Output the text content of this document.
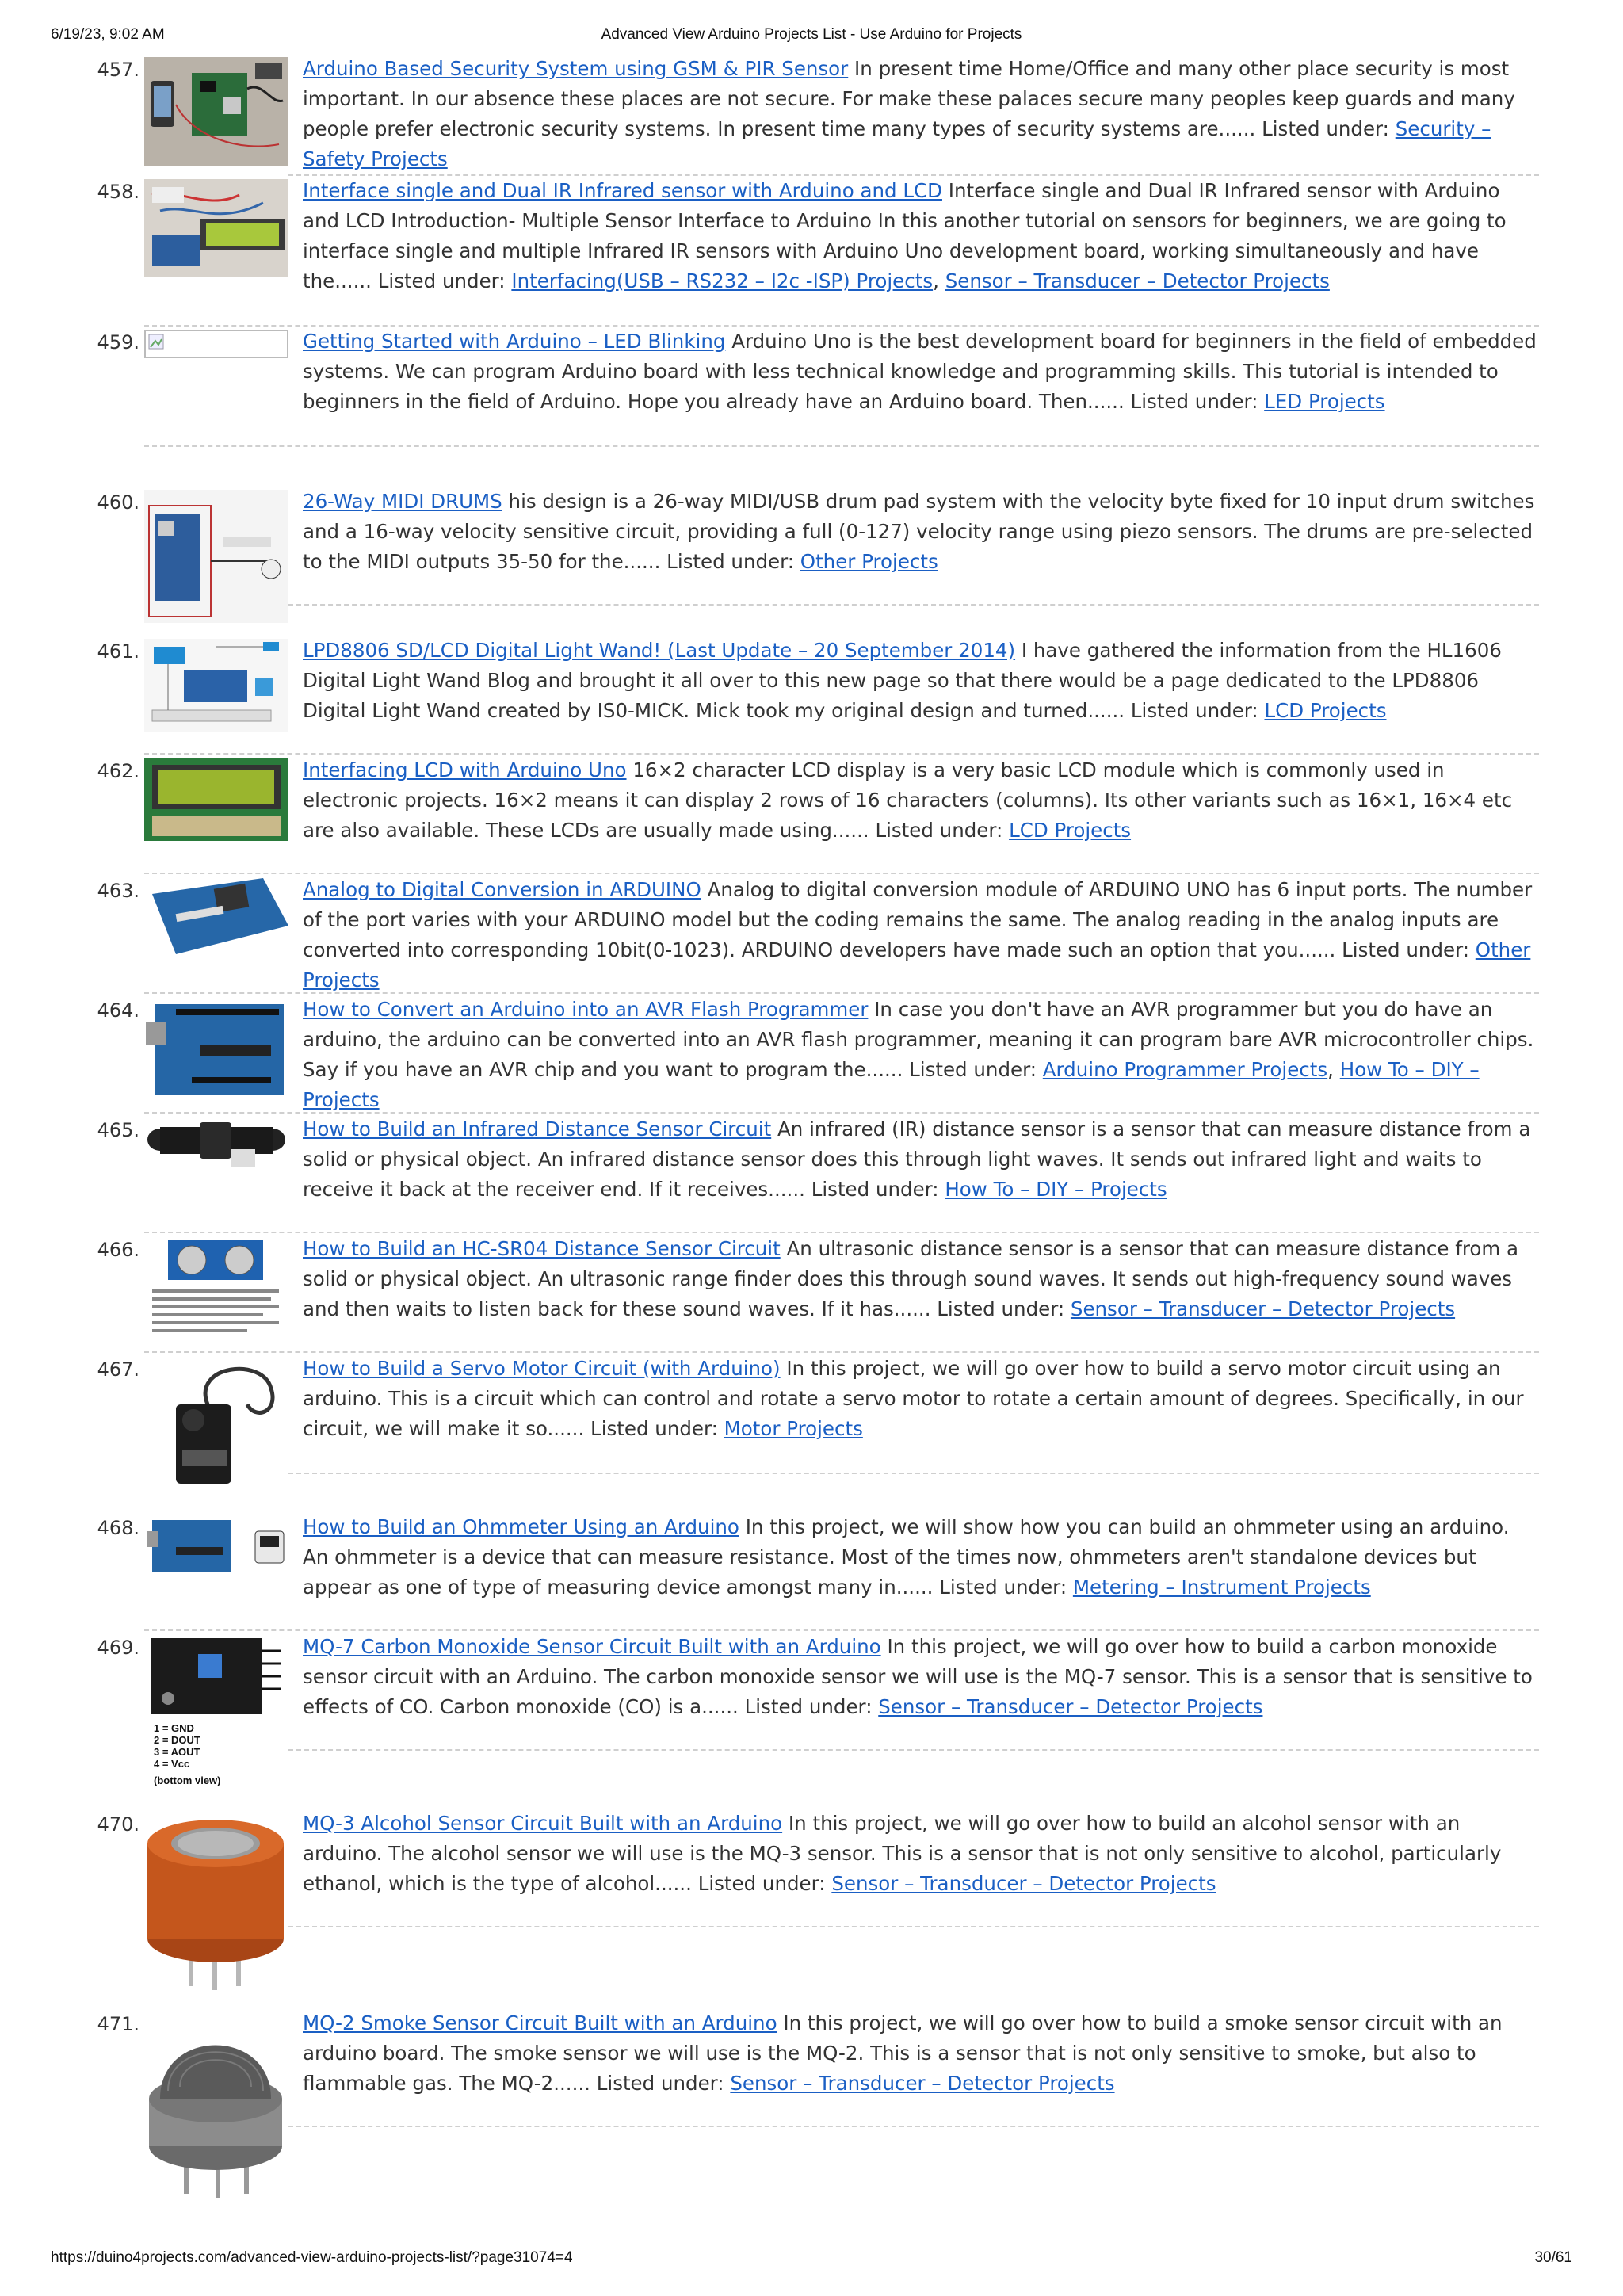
6/19/23, 9:02 AM	Advanced View Arduino Projects List - Use Arduino for Projects
457.	Arduino Based Security System using GSM & PIR Sensor In present time Home/Office and many other place security is most important. In our absence these places are not secure. For make these palaces secure many peoples keep guards and many people prefer electronic security systems. In present time many types of security systems are...... Listed under: Security – Safety Projects
458.	Interface single and Dual IR Infrared sensor with Arduino and LCD Interface single and Dual IR Infrared sensor with Arduino and LCD Introduction- Multiple Sensor Interface to Arduino In this another tutorial on sensors for beginners, we are going to interface single and multiple Infrared IR sensors with Arduino Uno development board, working simultaneously and have the...... Listed under: Interfacing(USB – RS232 – I2c -ISP) Projects, Sensor – Transducer – Detector Projects
459.	Getting Started with Arduino – LED Blinking Arduino Uno is the best development board for beginners in the field of embedded systems. We can program Arduino board with less technical knowledge and programming skills. This tutorial is intended to beginners in the field of Arduino. Hope you already have an Arduino board. Then...... Listed under: LED Projects
460.	26-Way MIDI DRUMS his design is a 26-way MIDI/USB drum pad system with the velocity byte fixed for 10 input drum switches and a 16-way velocity sensitive circuit, providing a full (0-127) velocity range using piezo sensors. The drums are pre-selected to the MIDI outputs 35-50 for the...... Listed under: Other Projects
461.	LPD8806 SD/LCD Digital Light Wand! (Last Update – 20 September 2014) I have gathered the information from the HL1606 Digital Light Wand Blog and brought it all over to this new page so that there would be a page dedicated to the LPD8806 Digital Light Wand created by IS0-MICK. Mick took my original design and turned...... Listed under: LCD Projects
462.	Interfacing LCD with Arduino Uno 16×2 character LCD display is a very basic LCD module which is commonly used in electronic projects. 16×2 means it can display 2 rows of 16 characters (columns). Its other variants such as 16×1, 16×4 etc are also available. These LCDs are usually made using...... Listed under: LCD Projects
463.	Analog to Digital Conversion in ARDUINO Analog to digital conversion module of ARDUINO UNO has 6 input ports. The number of the port varies with your ARDUINO model but the coding remains the same. The analog reading in the analog inputs are converted into corresponding 10bit(0-1023). ARDUINO developers have made such an option that you...... Listed under: Other Projects
464.	How to Convert an Arduino into an AVR Flash Programmer In case you don't have an AVR programmer but you do have an arduino, the arduino can be converted into an AVR flash programmer, meaning it can program bare AVR microcontroller chips. Say if you have an AVR chip and you want to program the...... Listed under: Arduino Programmer Projects, How To – DIY – Projects
465.	How to Build an Infrared Distance Sensor Circuit An infrared (IR) distance sensor is a sensor that can measure distance from a solid or physical object. An infrared distance sensor does this through light waves. It sends out infrared light and waits to receive it back at the receiver end. If it receives...... Listed under: How To – DIY – Projects
466.	How to Build an HC-SR04 Distance Sensor Circuit An ultrasonic distance sensor is a sensor that can measure distance from a solid or physical object. An ultrasonic range finder does this through sound waves. It sends out high-frequency sound waves and then waits to listen back for these sound waves. If it has...... Listed under: Sensor – Transducer – Detector Projects
467.	How to Build a Servo Motor Circuit (with Arduino) In this project, we will go over how to build a servo motor circuit using an arduino. This is a circuit which can control and rotate a servo motor to rotate a certain amount of degrees. Specifically, in our circuit, we will make it so...... Listed under: Motor Projects
468.	How to Build an Ohmmeter Using an Arduino In this project, we will show how you can build an ohmmeter using an arduino. An ohmmeter is a device that can measure resistance. Most of the times now, ohmmeters aren't standalone devices but appear as one of type of measuring device amongst many in...... Listed under: Metering – Instrument Projects
469.
1 = GND
2 = DOUT
3 = AOUT
4 = Vcc
(bottom view)
MQ-7 Carbon Monoxide Sensor Circuit Built with an Arduino In this project, we will go over how to build a carbon monoxide sensor circuit with an Arduino. The carbon monoxide sensor we will use is the MQ-7 sensor. This is a sensor that is sensitive to effects of CO. Carbon monoxide (CO) is a...... Listed under: Sensor – Transducer – Detector Projects
470.	MQ-3 Alcohol Sensor Circuit Built with an Arduino In this project, we will go over how to build an alcohol sensor with an arduino. The alcohol sensor we will use is the MQ-3 sensor. This is a sensor that is not only sensitive to alcohol, particularly ethanol, which is the type of alcohol...... Listed under: Sensor – Transducer – Detector Projects
471.	MQ-2 Smoke Sensor Circuit Built with an Arduino In this project, we will go over how to build a smoke sensor circuit with an arduino board. The smoke sensor we will use is the MQ-2. This is a sensor that is not only sensitive to smoke, but also to flammable gas. The MQ-2...... Listed under: Sensor – Transducer – Detector Projects
https://duino4projects.com/advanced-view-arduino-projects-list/?page31074=4	30/61
